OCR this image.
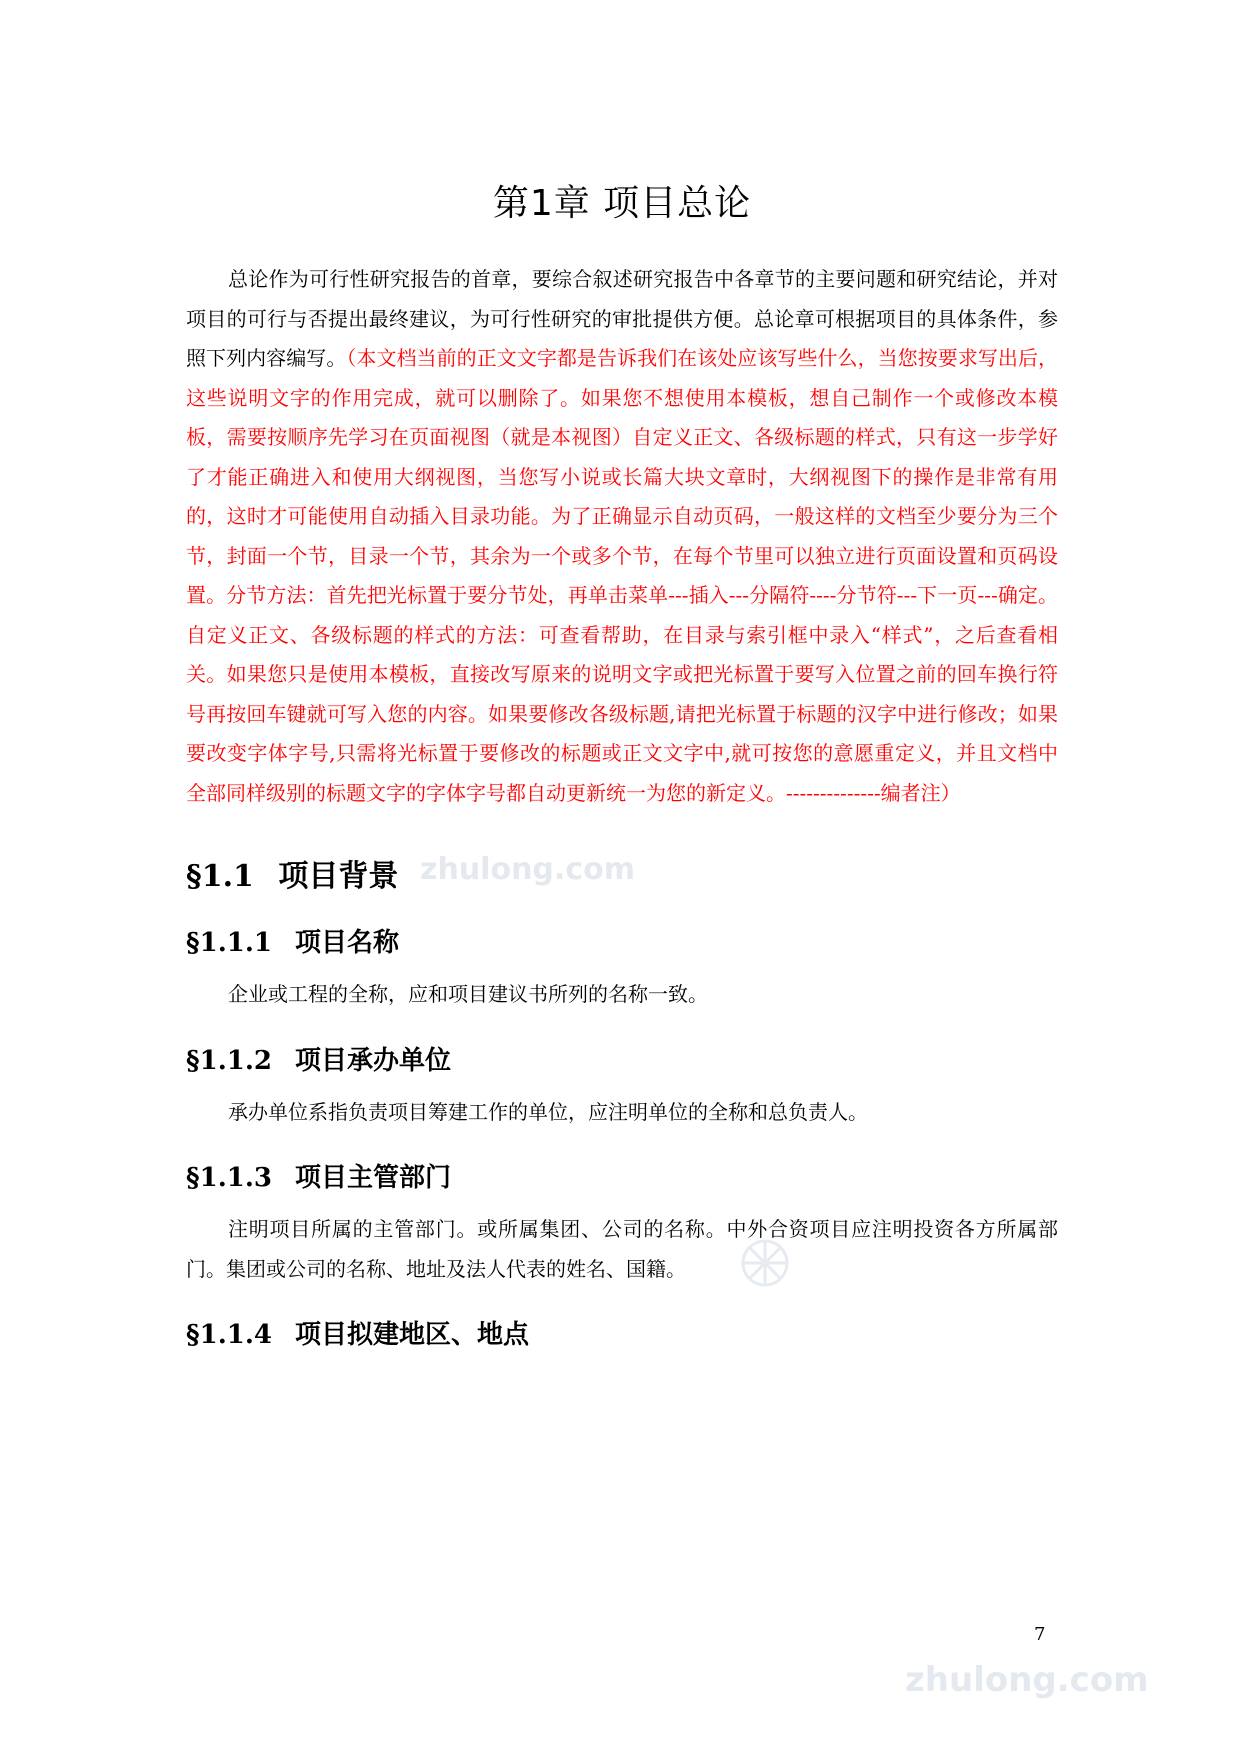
zhulong.com
zhulong.com
第1章 项目总论

总论作为可行性研究报告的首章，要综合叙述研究报告中各章节的主要问题和研究结论，并对项目的可行与否提出最终建议，为可行性研究的审批提供方便。总论章可根据项目的具体条件，参照下列内容编写。（本文档当前的正文文字都是告诉我们在该处应该写些什么，当您按要求写出后，这些说明文字的作用完成，就可以删除了。如果您不想使用本模板，想自己制作一个或修改本模板，需要按顺序先学习在页面视图（就是本视图）自定义正文、各级标题的样式，只有这一步学好了才能正确进入和使用大纲视图，当您写小说或长篇大块文章时，大纲视图下的操作是非常有用的，这时才可能使用自动插入目录功能。为了正确显示自动页码，一般这样的文档至少要分为三个节，封面一个节，目录一个节，其余为一个或多个节，在每个节里可以独立进行页面设置和页码设置。分节方法：首先把光标置于要分节处，再单击菜单---插入---分隔符----分节符---下一页---确定。自定义正文、各级标题的样式的方法：可查看帮助，在目录与索引框中录入“样式”，之后查看相关。如果您只是使用本模板，直接改写原来的说明文字或把光标置于要写入位置之前的回车换行符号再按回车键就可写入您的内容。如果要修改各级标题,请把光标置于标题的汉字中进行修改；如果要改变字体字号,只需将光标置于要修改的标题或正文文字中,就可按您的意愿重定义，并且文档中全部同样级别的标题文字的字体字号都自动更新统一为您的新定义。--------------编者注）

§1.1 项目背景
§1.1.1 项目名称

企业或工程的全称，应和项目建议书所列的名称一致。

§1.1.2 项目承办单位

承办单位系指负责项目筹建工作的单位，应注明单位的全称和总负责人。

§1.1.3 项目主管部门

注明项目所属的主管部门。或所属集团、公司的名称。中外合资项目应注明投资各方所属部门。集团或公司的名称、地址及法人代表的姓名、国籍。

§1.1.4 项目拟建地区、地点
7
